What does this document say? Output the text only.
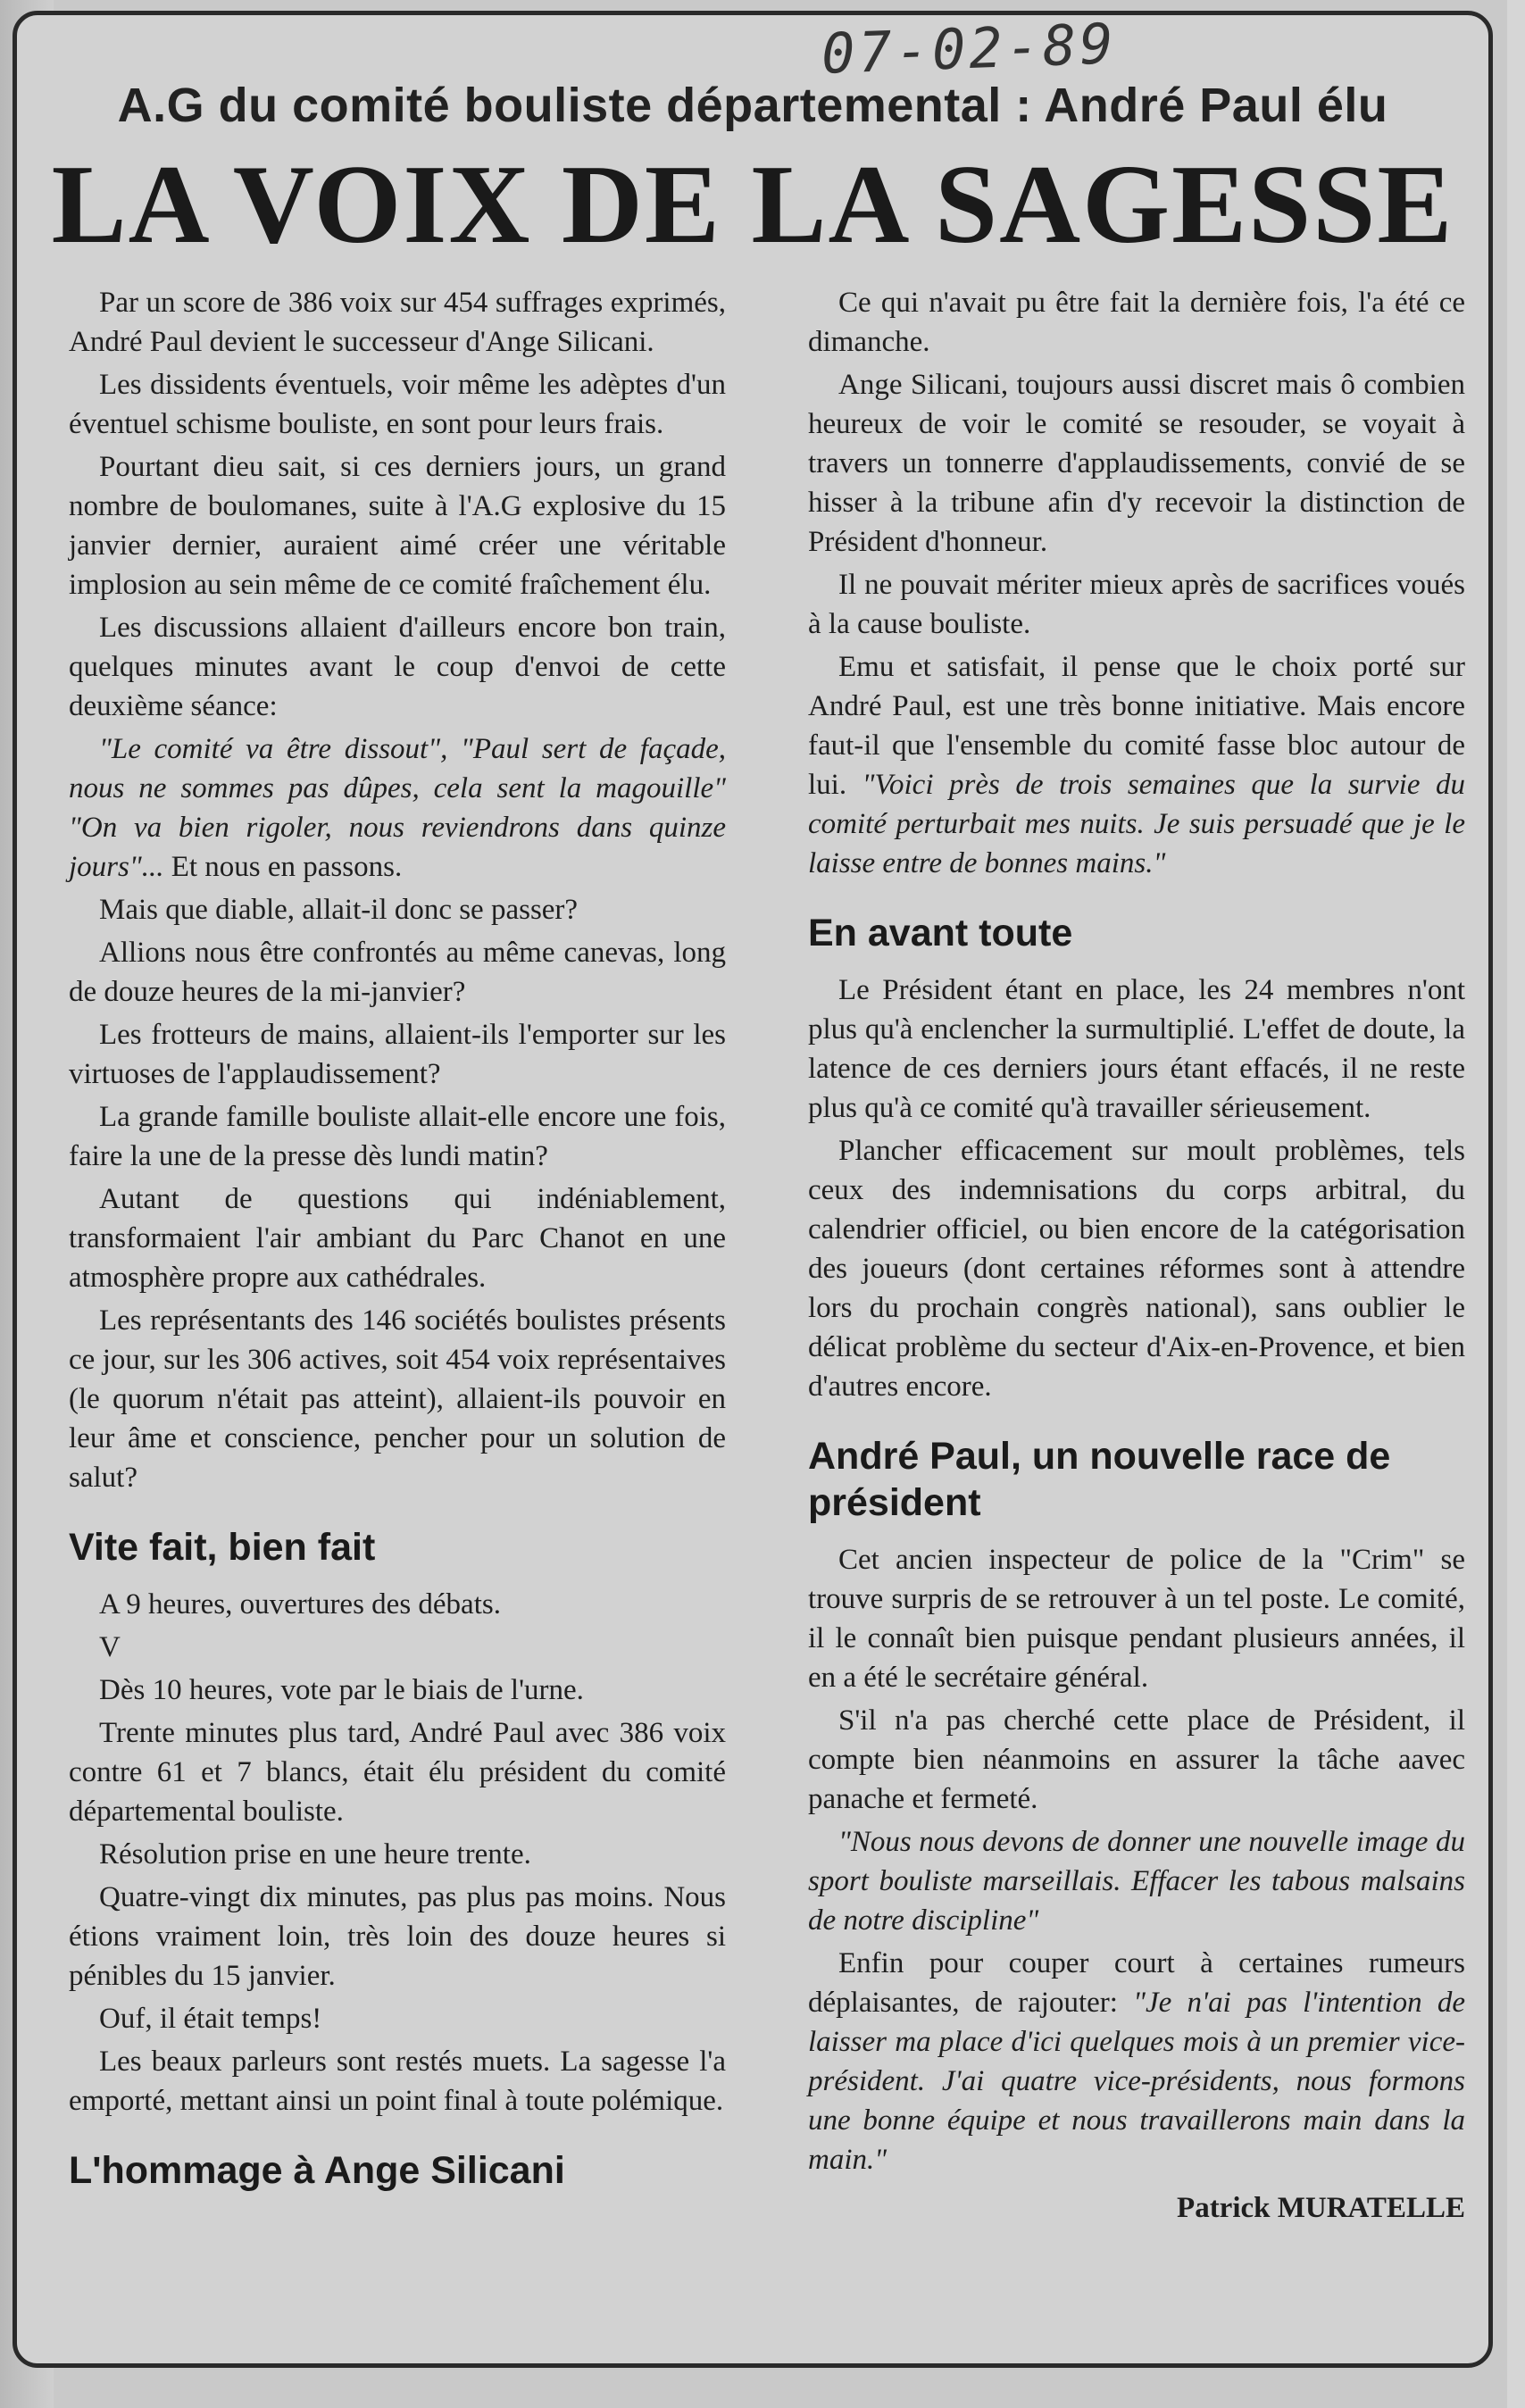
A.G du comité bouliste départemental : André Paul élu
LA VOIX DE LA SAGESSE

Par un score de 386 voix sur 454 suffrages exprimés, André Paul devient le successeur d'Ange Silicani.

Les dissidents éventuels, voir même les adèptes d'un éventuel schisme bouliste, en sont pour leurs frais.

Pourtant dieu sait, si ces derniers jours, un grand nombre de boulomanes, suite à l'A.G explosive du 15 janvier dernier, auraient aimé créer une véritable implosion au sein même de ce comité fraîchement élu.

Les discussions allaient d'ailleurs encore bon train, quelques minutes avant le coup d'envoi de cette deuxième séance:

"Le comité va être dissout", "Paul sert de façade, nous ne sommes pas dûpes, cela sent la magouille" "On va bien rigoler, nous reviendrons dans quinze jours"... Et nous en passons.

Mais que diable, allait-il donc se passer?

Allions nous être confrontés au même canevas, long de douze heures de la mi-janvier?

Les frotteurs de mains, allaient-ils l'emporter sur les virtuoses de l'applaudissement?

La grande famille bouliste allait-elle encore une fois, faire la une de la presse dès lundi matin?

Autant de questions qui indéniablement, transformaient l'air ambiant du Parc Chanot en une atmosphère propre aux cathédrales.

Les représentants des 146 sociétés boulistes présents ce jour, sur les 306 actives, soit 454 voix représentaives (le quorum n'était pas atteint), allaient-ils pouvoir en leur âme et conscience, pencher pour un solution de salut?

Vite fait, bien fait

A 9 heures, ouvertures des débats.

V

Dès 10 heures, vote par le biais de l'urne.

Trente minutes plus tard, André Paul avec 386 voix contre 61 et 7 blancs, était élu président du comité départemental bouliste.

Résolution prise en une heure trente.

Quatre-vingt dix minutes, pas plus pas moins. Nous étions vraiment loin, très loin des douze heures si pénibles du 15 janvier.

Ouf, il était temps!

Les beaux parleurs sont restés muets. La sagesse l'a emporté, mettant ainsi un point final à toute polémique.

L'hommage à Ange Silicani

Ce qui n'avait pu être fait la dernière fois, l'a été ce dimanche.

Ange Silicani, toujours aussi discret mais ô combien heureux de voir le comité se resouder, se voyait à travers un tonnerre d'applaudissements, convié de se hisser à la tribune afin d'y recevoir la distinction de Président d'honneur.

Il ne pouvait mériter mieux après de sacrifices voués à la cause bouliste.

Emu et satisfait, il pense que le choix porté sur André Paul, est une très bonne initiative. Mais encore faut-il que l'ensemble du comité fasse bloc autour de lui. "Voici près de trois semaines que la survie du comité perturbait mes nuits. Je suis persuadé que je le laisse entre de bonnes mains."

En avant toute

Le Président étant en place, les 24 membres n'ont plus qu'à enclencher la surmultiplié. L'effet de doute, la latence de ces derniers jours étant effacés, il ne reste plus qu'à ce comité qu'à travailler sérieusement.

Plancher efficacement sur moult problèmes, tels ceux des indemnisations du corps arbitral, du calendrier officiel, ou bien encore de la catégorisation des joueurs (dont certaines réformes sont à attendre lors du prochain congrès national), sans oublier le délicat problème du secteur d'Aix-en-Provence, et bien d'autres encore.

André Paul, un nouvelle race de président

Cet ancien inspecteur de police de la "Crim" se trouve surpris de se retrouver à un tel poste. Le comité, il le connaît bien puisque pendant plusieurs années, il en a été le secrétaire général.

S'il n'a pas cherché cette place de Président, il compte bien néanmoins en assurer la tâche aavec panache et fermeté.

"Nous nous devons de donner une nouvelle image du sport bouliste marseillais. Effacer les tabous malsains de notre discipline"

Enfin pour couper court à certaines rumeurs déplaisantes, de rajouter: "Je n'ai pas l'intention de laisser ma place d'ici quelques mois à un premier vice-président. J'ai quatre vice-présidents, nous formons une bonne équipe et nous travaillerons main dans la main."

Patrick MURATELLE
07-02-89
